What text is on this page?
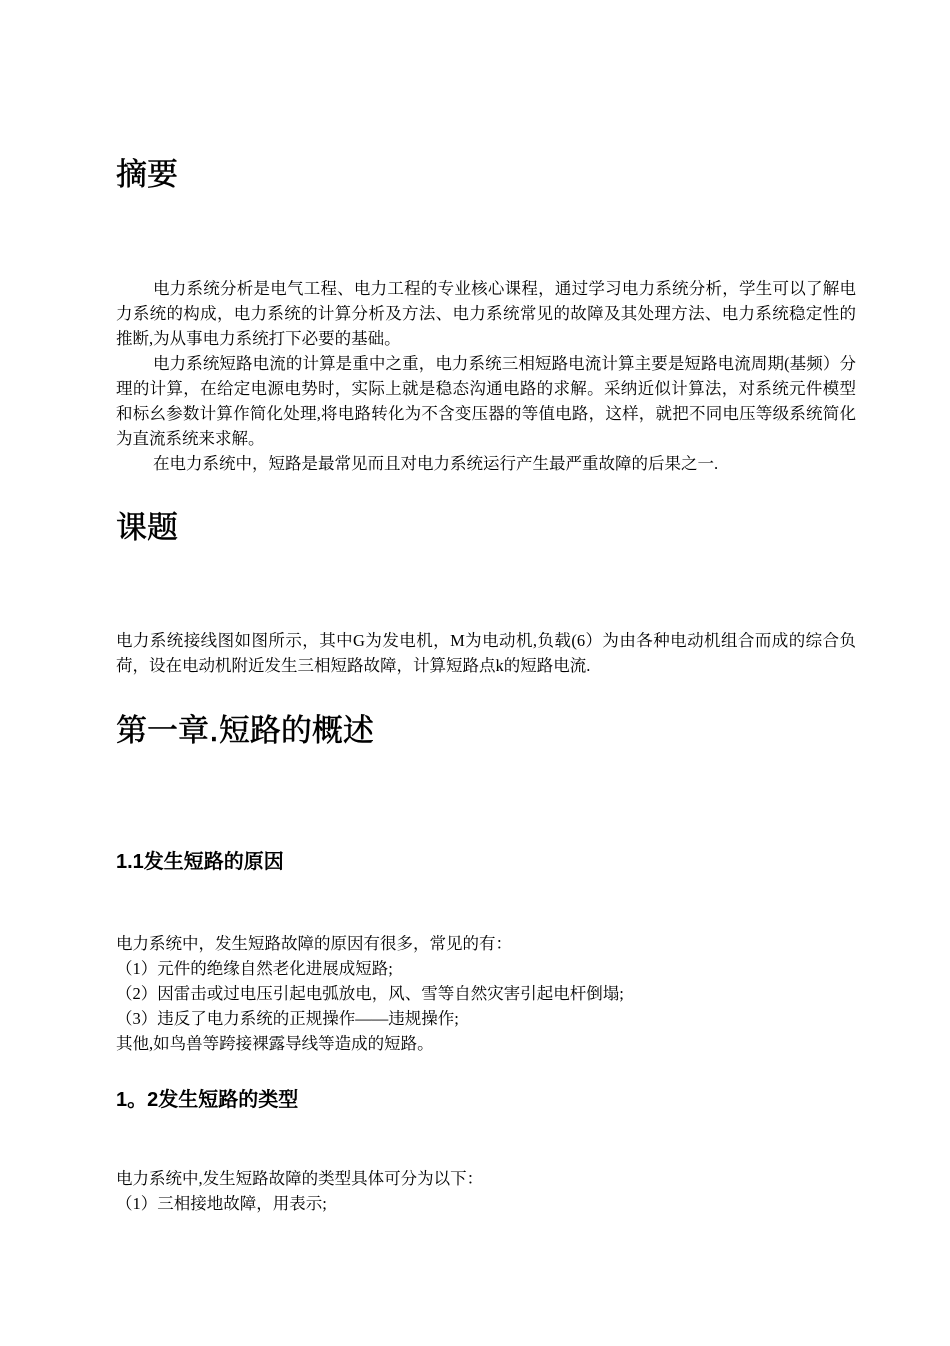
摘要

电力系统分析是电气工程、电力工程的专业核心课程，通过学习电力系统分析，学生可以了解电力系统的构成，电力系统的计算分析及方法、电力系统常见的故障及其处理方法、电力系统稳定性的推断,为从事电力系统打下必要的基础。

电力系统短路电流的计算是重中之重，电力系统三相短路电流计算主要是短路电流周期(基频）分理的计算，在给定电源电势时，实际上就是稳态沟通电路的求解。采纳近似计算法，对系统元件模型和标幺参数计算作简化处理,将电路转化为不含变压器的等值电路，这样，就把不同电压等级系统简化为直流系统来求解。

在电力系统中，短路是最常见而且对电力系统运行产生最严重故障的后果之一.

课题

电力系统接线图如图所示，其中G为发电机，M为电动机,负载(6）为由各种电动机组合而成的综合负荷，设在电动机附近发生三相短路故障，计算短路点k的短路电流.

第一章.短路的概述
1.1发生短路的原因

电力系统中，发生短路故障的原因有很多，常见的有：

（1）元件的绝缘自然老化进展成短路;

（2）因雷击或过电压引起电弧放电，风、雪等自然灾害引起电杆倒塌;

（3）违反了电力系统的正规操作——违规操作;

其他,如鸟兽等跨接裸露导线等造成的短路。

1。2发生短路的类型

电力系统中,发生短路故障的类型具体可分为以下：

（1）三相接地故障，用表示;
